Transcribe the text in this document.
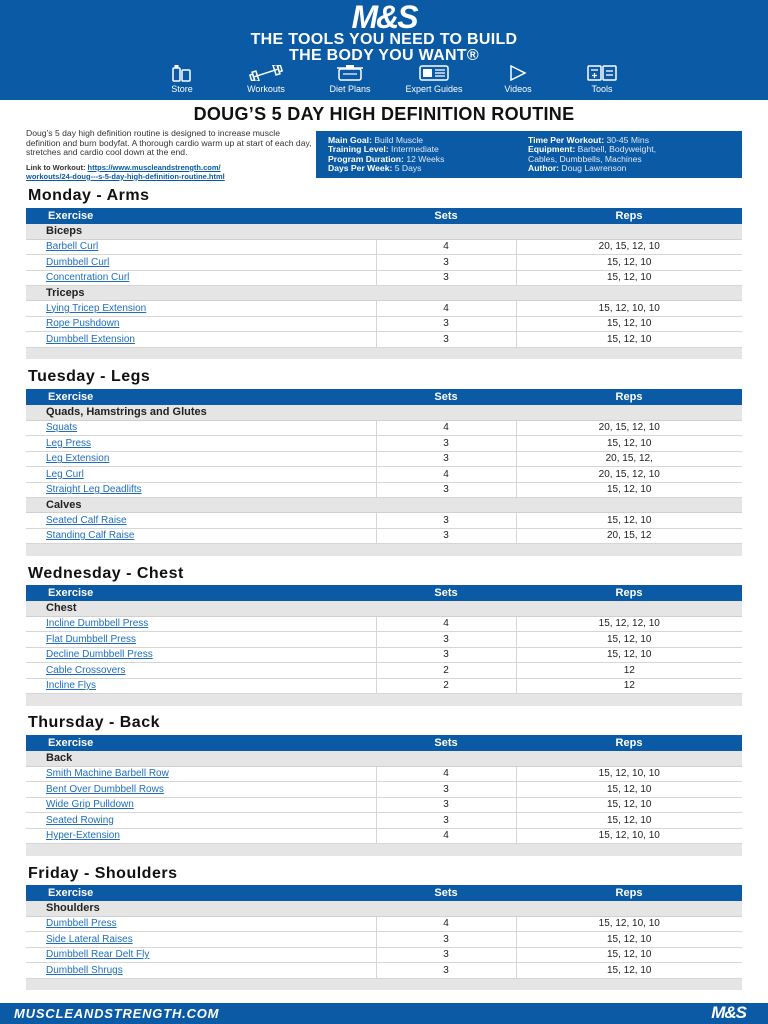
M&S
THE TOOLS YOU NEED TO BUILD
THE BODY YOU WANT®
Store	Workouts	Diet Plans	Expert Guides	Videos	Tools
DOUG’S 5 DAY HIGH DEFINITION ROUTINE
Doug’s 5 day high definition routine is designed to increase muscle definition and burn bodyfat. A thorough cardio warm up at start of each day, stretches and cardio cool down at the end.
Link to Workout: https://www.muscleandstrength.com/
workouts/24-doug---s-5-day-high-definition-routine.html
Main Goal: Build Muscle	Time Per Workout: 30-45 Mins
Training Level: Intermediate	Equipment: Barbell, Bodyweight,
Program Duration: 12 Weeks	Cables, Dumbbells, Machines
Days Per Week: 5 Days	Author: Doug Lawrenson
Monday - Arms
Exercise	Sets	Reps
Biceps		
Barbell Curl	4	20, 15, 12, 10
Dumbbell Curl	3	15, 12, 10
Concentration Curl	3	15, 12, 10
Triceps		
Lying Tricep Extension	4	15, 12, 10, 10
Rope Pushdown	3	15, 12, 10
Dumbbell Extension	3	15, 12, 10

Tuesday - Legs
Exercise	Sets	Reps
Quads, Hamstrings and Glutes		
Squats	4	20, 15, 12, 10
Leg Press	3	15, 12, 10
Leg Extension	3	20, 15, 12,
Leg Curl	4	20, 15, 12, 10
Straight Leg Deadlifts	3	15, 12, 10
Calves		
Seated Calf Raise	3	15, 12, 10
Standing Calf Raise	3	20, 15, 12

Wednesday - Chest
Exercise	Sets	Reps
Chest		
Incline Dumbbell Press	4	15, 12, 12, 10
Flat Dumbbell Press	3	15, 12, 10
Decline Dumbbell Press	3	15, 12, 10
Cable Crossovers	2	12
Incline Flys	2	12

Thursday - Back
Exercise	Sets	Reps
Back		
Smith Machine Barbell Row	4	15, 12, 10, 10
Bent Over Dumbbell Rows	3	15, 12, 10
Wide Grip Pulldown	3	15, 12, 10
Seated Rowing	3	15, 12, 10
Hyper-Extension	4	15, 12, 10, 10

Friday - Shoulders
Exercise	Sets	Reps
Shoulders		
Dumbbell Press	4	15, 12, 10, 10
Side Lateral Raises	3	15, 12, 10
Dumbbell Rear Delt Fly	3	15, 12, 10
Dumbbell Shrugs	3	15, 12, 10

MUSCLEANDSTRENGTH.COM	M&S
